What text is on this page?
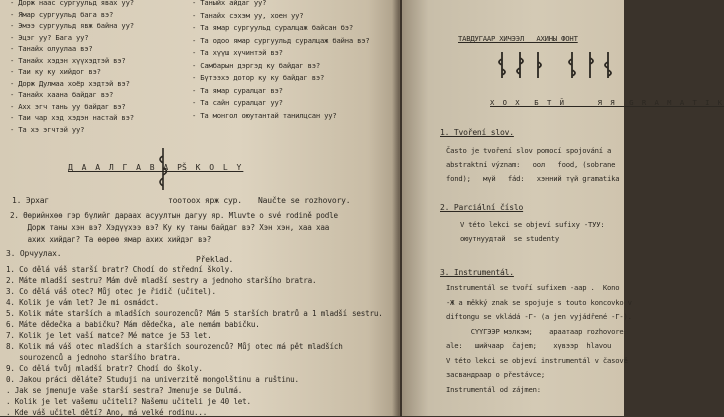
- Дорж наас сургуульд явах уу?
- Ямар сургуульд бага вэ?
- Эмээ сургуульд явж байна уу?
- Эцэг уу? Бага уу?
- Танайх олуулаа вэ?
- Танайх хэдэн хүүхэдтэй вэ?
- Таи ку ку хийдог вэ?
- Дорж Дулмаа хоёр хэдтэй вэ?
- Танайх хаана байдаг вэ?
- Ахх эгч тань уу байдаг вэ?
- Таи чар хэд хэдэн настай вэ?
- Та хэ эгчтэй уу?
- Таныйх айдаг уу?
- Танайх сэхэм уу, хоен уу?
- Та ямар сургуульд суралцаж байсан бэ?
- Та одоо ямар сургуульд суралцаж байна вэ?
- Та хүүш хүчинтэй вэ?
- Самбарын дэргэд ку байдаг вэ?
- Бүтээхэ дотор ку ку байдаг вэ?
- Та ямар суралцаг вэ?
- Та сайн суралцаг уу?
- Та монгол оюутантай танилцсан уу?
Д А А Л Г А В А Р
Š K O L Y
1. Эрхаг	тоотоох ярж сур. Naučte se rozhovory.
2. Өөрийнхөө гэр бүлийг дараах асуултын дагуу яр. Mluvte o své rodině podle
Дорж таны хэн вэ? Хэдүүхээ вэ? Ку ку таны байдаг вэ? Хэн хэн, хаа хаа
ахих хийдаг? Та өөрөө ямар ахих хийдэг вэ?
3. Орчуулах.
Překlad.
1. Co dělá váš starší bratr? Chodí do střední školy.
2. Máte mladší sestru? Mám dvě mladší sestry a jednoho staršího bratra.
3. Co dělá váš otec? Můj otec je řidič (učitel).
4. Kolik je vám let? Je mi osmádct.
5. Kolik máte starších a mladších sourozenců? Mám 5 starších bratrů a 1 mladší
6. Máte dědečka a babičku? Mám dědečka, ale nemám babičku.
7. Kolik je let vaší matce? Mé matce je 53 let.
8. Kolik má váš otec mladších a starších sourozenců? Můj otec má pět mladších
sourozenců a jednoho staršího bratra.
9. Co dělá tvůj mladší bratr? Chodí do školy.
0. Jakou práci děláte? Studuji na univerzitě mongolštinu a ruštinu.
. Jak se jmenuje vaše starší sestra? Jmenuje se Dulmá.
. Kolik je let vašemu učiteli? Našemu učiteli je 40 let.
. Kde váš učitel dětí? Ano, má velké rodinu...
sestru.
ТАВДУГААР ХИЧЭЭЛ   АХИНЫ ФОНТ
Х О Х  Б Т Й     Я Я  G R A M A T I K
1. Tvoření slov.
Často je tvoření slov pomocí spojování a
abstraktní význam:   оол   food, (sobrane
fond);   мүй   fád:   хэнний түй gramatika
2. Parciální číslo
V této lekci se objeví sufixy -ТУУ:
оюутнуудтай  se studenty
3. Instrumentál.
Instrumentál se tvoří sufixem -аар .  Kono
-Ж a měkký znak se spojuje s touto koncovko v
diftongu se vkládá -Г- (a jen vyjádřené -Г-).
СҮҮГЭЭР мэлкэм;    араатаар rozhovore
ale:   шийчаар  čajem;    хүвээр  hlavou
V této lekci se objeví instrumentál v časově
засвандраар o přestávce;
Instrumentál od zájmen:
